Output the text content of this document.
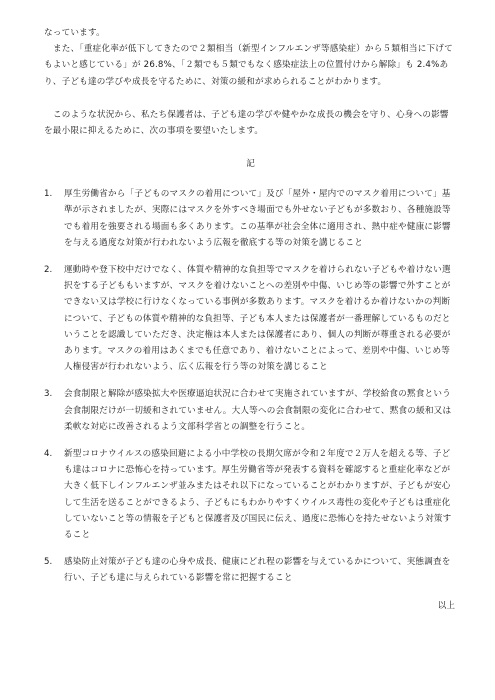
なっています。

また、「重症化率が低下してきたので２類相当（新型インフルエンザ等感染症）から５類相当に下げてもよいと感じている」が 26.8%、「２類でも５類でもなく感染症法上の位置付けから解除」も 2.4%あり、子ども達の学びや成長を守るために、対策の緩和が求められることがわかります。

このような状況から、私たち保護者は、子ども達の学びや健やかな成長の機会を守り、心身への影響を最小限に抑えるために、次の事項を要望いたします。

記
1.	厚生労働省から「子どものマスクの着用について」及び「屋外・屋内でのマスク着用について」基準が示されましたが、実際にはマスクを外すべき場面でも外せない子どもが多数おり、各種施設等でも着用を強要される場面も多くあります。この基準が社会全体に適用され、熱中症や健康に影響を与える過度な対策が行われないよう広報を徹底する等の対策を講じること

2.	運動時や登下校中だけでなく、体質や精神的な負担等でマスクを着けられない子どもや着けない選択をする子どももいますが、マスクを着けないことへの差別や中傷、いじめ等の影響で外すことができない又は学校に行けなくなっている事例が多数あります。マスクを着けるか着けないかの判断について、子どもの体質や精神的な負担等、子ども本人または保護者が一番理解しているものだということを認識していただき、決定権は本人または保護者にあり、個人の判断が尊重される必要があります。マスクの着用はあくまでも任意であり、着けないことによって、差別や中傷、いじめ等人権侵害が行われないよう、広く広報を行う等の対策を講じること

3.	会食制限と解除が感染拡大や医療逼迫状況に合わせて実施されていますが、学校給食の黙食という会食制限だけが一切緩和されていません。大人等への会食制限の変化に合わせて、黙食の緩和又は柔軟な対応に改善されるよう文部科学省との調整を行うこと。

4.	新型コロナウイルスの感染回避による小中学校の長期欠席が令和２年度で２万人を超える等、子ども達はコロナに恐怖心を持っています。厚生労働省等が発表する資料を確認すると重症化率などが大きく低下しインフルエンザ並みまたはそれ以下になっていることがわかりますが、子どもが安心して生活を送ることができるよう、子どもにもわかりやすくウイルス毒性の変化や子どもは重症化していないこと等の情報を子どもと保護者及び国民に伝え、過度に恐怖心を持たせないよう対策すること

5.	感染防止対策が子ども達の心身や成長、健康にどれ程の影響を与えているかについて、実態調査を行い、子ども達に与えられている影響を常に把握すること

以上
